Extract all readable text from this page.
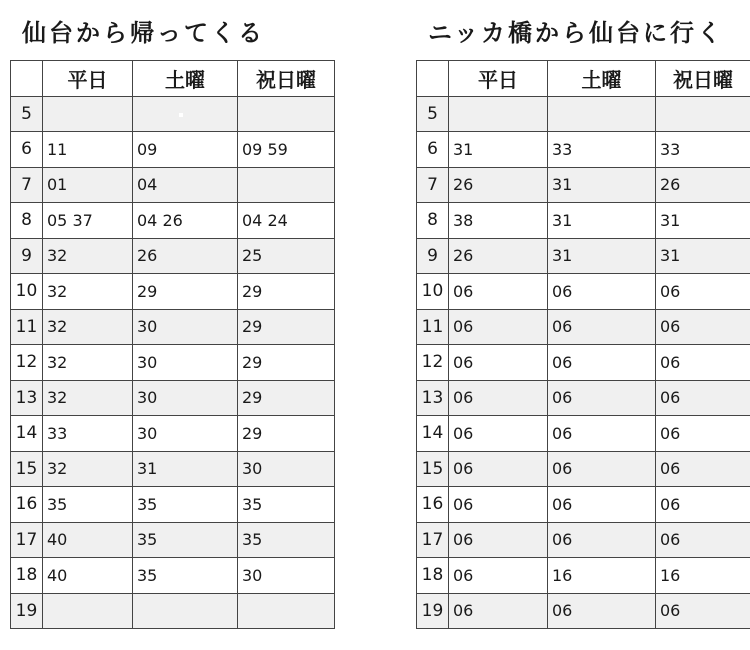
仙台から帰ってくる
	平日	土曜	祝日曜
5			
6	11	09	09 59
7	01	04	
8	05 37	04 26	04 24
9	32	26	25
10	32	29	29
11	32	30	29
12	32	30	29
13	32	30	29
14	33	30	29
15	32	31	30
16	35	35	35
17	40	35	35
18	40	35	30
19			
ニッカ橋から仙台に行く
	平日	土曜	祝日曜
5			
6	31	33	33
7	26	31	26
8	38	31	31
9	26	31	31
10	06	06	06
11	06	06	06
12	06	06	06
13	06	06	06
14	06	06	06
15	06	06	06
16	06	06	06
17	06	06	06
18	06	16	16
19	06	06	06
